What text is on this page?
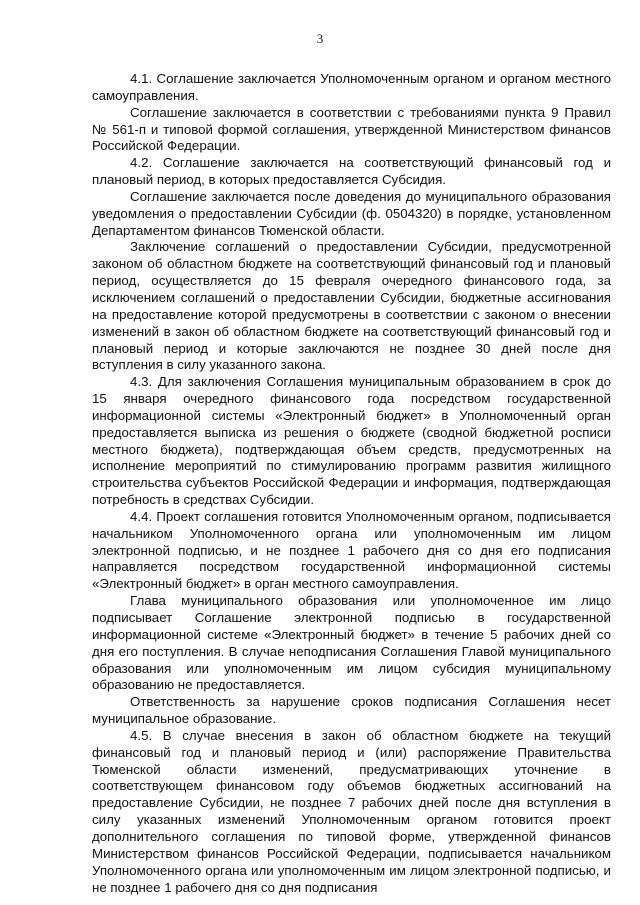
3

4.1. Соглашение заключается Уполномоченным органом и органом местного самоуправления.

Соглашение заключается в соответствии с требованиями пункта 9 Правил № 561-п и типовой формой соглашения, утвержденной Министерством финансов Российской Федерации.

4.2. Соглашение заключается на соответствующий финансовый год и плановый период, в которых предоставляется Субсидия.

Соглашение заключается после доведения до муниципального образования уведомления о предоставлении Субсидии (ф. 0504320) в порядке, установленном Департаментом финансов Тюменской области.

Заключение соглашений о предоставлении Субсидии, предусмотренной законом об областном бюджете на соответствующий финансовый год и плановый период, осуществляется до 15 февраля очередного финансового года, за исключением соглашений о предоставлении Субсидии, бюджетные ассигнования на предоставление которой предусмотрены в соответствии с законом о внесении изменений в закон об областном бюджете на соответствующий финансовый год и плановый период и которые заключаются не позднее 30 дней после дня вступления в силу указанного закона.

4.3. Для заключения Соглашения муниципальным образованием в срок до 15 января очередного финансового года посредством государственной информационной системы «Электронный бюджет» в Уполномоченный орган предоставляется выписка из решения о бюджете (сводной бюджетной росписи местного бюджета), подтверждающая объем средств, предусмотренных на исполнение мероприятий по стимулированию программ развития жилищного строительства субъектов Российской Федерации и информация, подтверждающая потребность в средствах Субсидии.

4.4. Проект соглашения готовится Уполномоченным органом, подписывается начальником Уполномоченного органа или уполномоченным им лицом электронной подписью, и не позднее 1 рабочего дня со дня его подписания направляется посредством государственной информационной системы «Электронный бюджет» в орган местного самоуправления.

Глава муниципального образования или уполномоченное им лицо подписывает Соглашение электронной подписью в государственной информационной системе «Электронный бюджет» в течение 5 рабочих дней со дня его поступления. В случае неподписания Соглашения Главой муниципального образования или уполномоченным им лицом субсидия муниципальному образованию не предоставляется.

Ответственность за нарушение сроков подписания Соглашения несет муниципальное образование.

4.5. В случае внесения в закон об областном бюджете на текущий финансовый год и плановый период и (или) распоряжение Правительства Тюменской области изменений, предусматривающих уточнение в соответствующем финансовом году объемов бюджетных ассигнований на предоставление Субсидии, не позднее 7 рабочих дней после дня вступления в силу указанных изменений Уполномоченным органом готовится проект дополнительного соглашения по типовой форме, утвержденной финансов Министерством финансов Российской Федерации, подписывается начальником Уполномоченного органа или уполномоченным им лицом электронной подписью, и не позднее 1 рабочего дня со дня подписания
